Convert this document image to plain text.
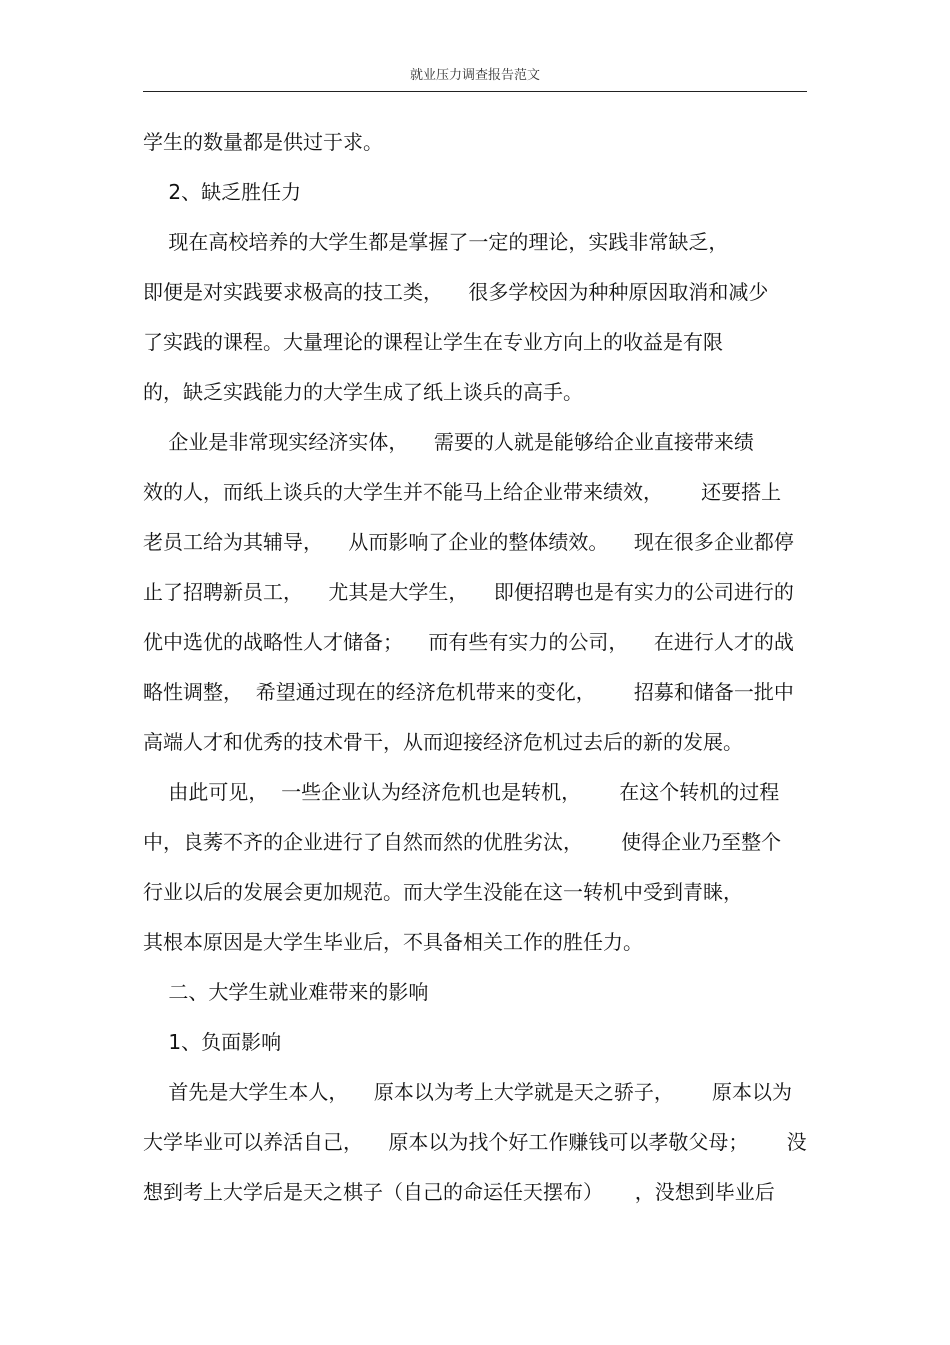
就业压力调查报告范文
学生的数量都是供过于求。
2、缺乏胜任力
现在高校培养的大学生都是掌握了一定的理论，实践非常缺乏，
即便是对实践要求极高的技工类，    很多学校因为种种原因取消和减少
了实践的课程。大量理论的课程让学生在专业方向上的收益是有限
的，缺乏实践能力的大学生成了纸上谈兵的高手。
企业是非常现实经济实体，    需要的人就是能够给企业直接带来绩
效的人，而纸上谈兵的大学生并不能马上给企业带来绩效，      还要搭上
老员工给为其辅导，    从而影响了企业的整体绩效。    现在很多企业都停
止了招聘新员工，    尤其是大学生，    即便招聘也是有实力的公司进行的
优中选优的战略性人才储备；    而有些有实力的公司，    在进行人才的战
略性调整，  希望通过现在的经济危机带来的变化，      招募和储备一批中
高端人才和优秀的技术骨干，从而迎接经济危机过去后的新的发展。
由此可见，  一些企业认为经济危机也是转机，      在这个转机的过程
中，良莠不齐的企业进行了自然而然的优胜劣汰，      使得企业乃至整个
行业以后的发展会更加规范。而大学生没能在这一转机中受到青睐，
其根本原因是大学生毕业后，不具备相关工作的胜任力。
二、大学生就业难带来的影响
1、负面影响
首先是大学生本人，    原本以为考上大学就是天之骄子，      原本以为
大学毕业可以养活自己，    原本以为找个好工作赚钱可以孝敬父母；      没
想到考上大学后是天之棋子（自己的命运任天摆布）     ，没想到毕业后
